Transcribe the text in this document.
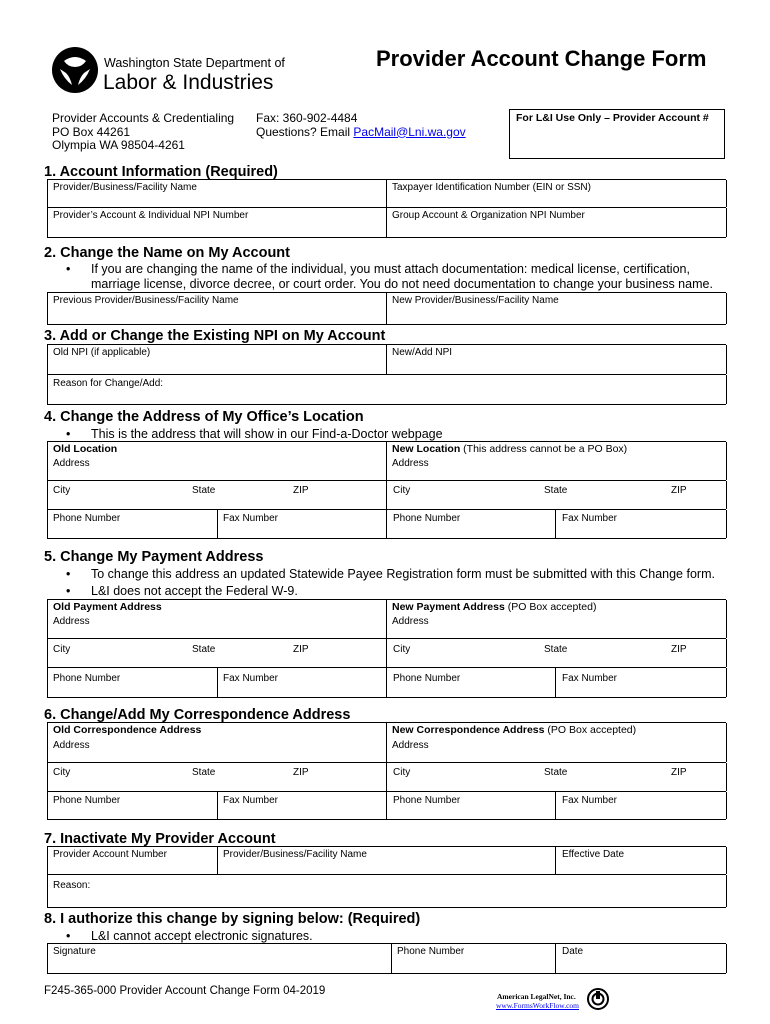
Washington State Department of
Labor & Industries
Provider Account Change Form
Provider Accounts & Credentialing
PO Box 44261
Olympia WA 98504-4261
Fax: 360-902-4484
Questions? Email PacMail@Lni.wa.gov
For L&I Use Only – Provider Account #
1. Account Information (Required)
Provider/Business/Facility Name	Taxpayer Identification Number (EIN or SSN)
Provider’s Account & Individual NPI Number	Group Account & Organization NPI Number
2. Change the Name on My Account
• If you are changing the name of the individual, you must attach documentation: medical license, certification, marriage license, divorce decree, or court order. You do not need documentation to change your business name.
Previous Provider/Business/Facility Name	New Provider/Business/Facility Name
3. Add or Change the Existing NPI on My Account
Old NPI (if applicable)	New/Add NPI
Reason for Change/Add:
4. Change the Address of My Office’s Location
• This is the address that will show in our Find-a-Doctor webpage
Old Location
Address
New Location (This address cannot be a PO Box)
Address
City	State	ZIP	City	State	ZIP
Phone Number	Fax Number	Phone Number	Fax Number
5. Change My Payment Address
• To change this address an updated Statewide Payee Registration form must be submitted with this Change form.
• L&I does not accept the Federal W-9.
Old Payment Address
Address
New Payment Address (PO Box accepted)
Address
City	State	ZIP	City	State	ZIP
Phone Number	Fax Number	Phone Number	Fax Number
6. Change/Add My Correspondence Address
Old Correspondence Address
Address
New Correspondence Address (PO Box accepted)
Address
City	State	ZIP	City	State	ZIP
Phone Number	Fax Number	Phone Number	Fax Number
7. Inactivate My Provider Account
Provider Account Number	Provider/Business/Facility Name	Effective Date
Reason:
8. I authorize this change by signing below: (Required)
• L&I cannot accept electronic signatures.
Signature	Phone Number	Date
F245-365-000 Provider Account Change Form 04-2019	American LegalNet, Inc.
www.FormsWorkFlow.com
